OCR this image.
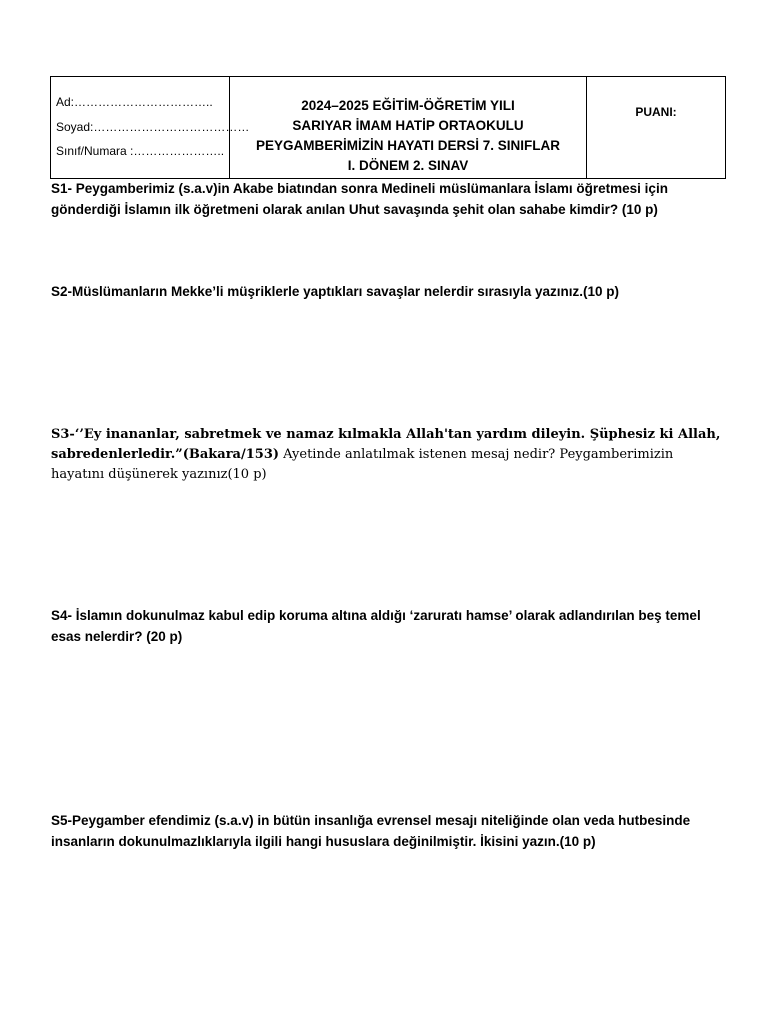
Ad:……………………………..
Soyad:…………………………………
Sınıf/Numara :…………………..
2024–2025 EĞİTİM-ÖĞRETİM YILI
SARIYAR İMAM HATİP ORTAOKULU
PEYGAMBERİMİZİN HAYATI DERSİ 7. SINIFLAR
I. DÖNEM 2. SINAV
PUANI:
S1- Peygamberimiz (s.a.v)in Akabe biatından sonra Medineli müslümanlara İslamı öğretmesi için gönderdiği İslamın ilk öğretmeni olarak anılan Uhut savaşında şehit olan sahabe kimdir? (10 p)
S2-Müslümanların Mekke’li müşriklerle yaptıkları savaşlar nelerdir sırasıyla yazınız.(10 p)
S3-‘’Ey inananlar, sabretmek ve namaz kılmakla Allah'tan yardım dileyin. Şüphesiz ki Allah, sabredenlerledir.”(Bakara/153) Ayetinde anlatılmak istenen mesaj nedir? Peygamberimizin hayatını düşünerek yazınız(10 p)
S4- İslamın dokunulmaz kabul edip koruma altına aldığı ‘zaruratı hamse’ olarak adlandırılan beş temel esas nelerdir? (20 p)
S5-Peygamber efendimiz (s.a.v) in bütün insanlığa evrensel mesajı niteliğinde olan veda hutbesinde insanların dokunulmazlıklarıyla ilgili hangi hususlara değinilmiştir. İkisini yazın.(10 p)
